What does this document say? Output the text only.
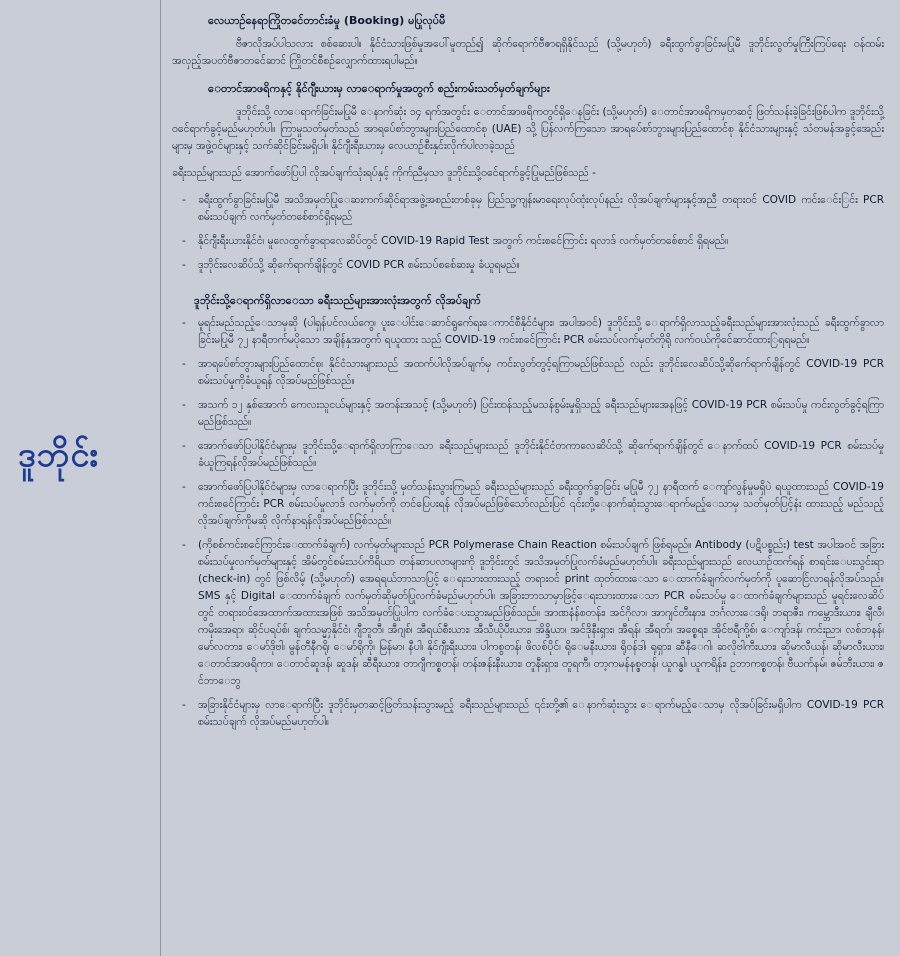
ဒူဘိုင်း
လေယာဉ်နေရာကြိုတင်ေတာင်းခံမှု (Booking) မပြုလုပ်မီ

ဗီဇာလိုအပ်ပါသလား စစ်ဆေးပါ။ နိုင်ငံသားဖြစ်မှုအပေါ်မူတည်၍ ဆိုက်ရောက်ဗီဇာရရှိနိုင်သည် (သို့မဟုတ်) ခရီးထွက်ခွာခြင်းမပြုမီ ဒူဘိုင်းလွတ်မှုကြီးကြပ်ရေး ဝန်ထမ်း အလှည့်အပတ်ဗီဇာတင်ေဆာင် ကြိုတင်စီစဉ်လျှောက်ထားရပါမည်။

ေတာင်အာဖရိကနှင့် နိုင်ဂျီးယားမှ လာေရာက်မှုအတွက် စည်းကမ်းသတ်မှတ်ချက်များ

ဒူဘိုင်းသို့ လာေရာက်ခြင်းမပြုမီ ေနာက်ဆုံး ၁၄ ရက်အတွင်း ေတာင်အာဖရိကတွင်ရှိေနခြင်း (သို့မဟုတ်) ေတာင်အာဖရိကမှတဆင့် ဖြတ်သန်းခဲ့ခြင်းဖြစ်ပါက ဒူဘိုင်းသို့ ဝင်ေရာက်ခွင့်မည်မဟုတ်ပါ။ ကြာမှုသတ်မှတ်သည် အာရပ်ေစာ်ဘွားများပြည်ထောင်စု (UAE) သို့ ပြန်လက်ကြသော အာရပ်ေစာ်ဘွားများပြည်ထောင်စု နိုင်ငံသားများနှင့် သံတမန်အခွင့်အေည်းများမှ အဖွဲ့ဝင်များနှင့် သက်ဆိုင်ခြင်းမရှိပါ။ နိုင်ဂျီးရီးယားမှ လေယာဉ်စီးနှင်းလိုက်ပါလာခဲ့သည်

ခရီးသည်များသည် အောက်ဖော်ပြပါ လိုအပ်ချက်သုံးရပ်နှင့် ကိုက်ညီမှသာ ဒူဘိုင်းသို့ဝင်ေရာက်ခွင့်ပြုမည်ဖြစ်သည် -

- ခရီးထွက်ခွာခြင်းမပြုမီ အသိအမှတ်ပြုေဆးကက်ဆိုင်ရာအဖွဲ့အစည်းတစ်ခုမှ ပြည်သူ့ကျန်းမာရေးလုပ်ထုံးလုပ်နည်း လိုအပ်ချက်များနှင့်အညီ တရားဝင် COVID ကင်းေင်းြင်း PCR စမ်းသပ်ချက် လက်မှတ်တစ်ေစာင်ရှိရမည်
- နိုင်ဂျီးရီးယားနိုင်ငံ၊ မူလေထွက်ခွာရာလေဆိပ်တွင် COVID-19 Rapid Test အတွက် ကင်းစင်ေကြာင်း ရလာဒ် လက်မှတ်တစ်ေစာင် ရှိရမည်။
- ဒူဘိုင်းလေဆိပ်သို့ ဆိုက်ေရာက်ချိန်တွင် COVID PCR စမ်းသပ်စစ်ေဆးမှု ခံယူရမည်။
ဒူဘိုင်းသို့ေရာက်ရှိလာေသာ ခရီးသည်များအားလုံးအတွက် လိုအပ်ချက်
- မူရင်းမည်သည့်ေသာမှဆို (ပါရှန်ပင်လယ်ကွေ၊ ပူးေပါင်းေဆာင်ရွက်ေရးေကာင်စီနိုင်ငံများ၊ အပါအဝင်) ဒူဘိုင်းသို့ ေရာက်ရှိလာသည့်ခရီးသည်များအားလုံးသည် ခရီးထွက်ခွာလာခြင်းမပြုမီ ၇၂ နာရီတက်မပိုသော အချိန်နှအတွက် ရယူထား သည် COVID-19 ကင်းစင်ေကြာင်း PCR စမ်းသပ်လက်မှတ်တိုရို လက်ဝယ်ကိုင်ေဆာင်ထားြရရမည်။
- အာရပ်ေစာ်ဘွားများပြည်ထောင်စု၊ နိုင်ငံသားများသည် အထက်ပါလိုအပ်ချက်မှ ကင်းလွတ်တွင့်ရကြာမည်ဖြစ်သည် လည်း ဒူဘိုင်းလေဆိပ်သို့ဆိုက်ေရာက်ချိန်တွင် COVID-19 PCR စမ်းသပ်မှုကိုခံယူရန် လိုအပ်မည်ဖြစ်သည်။
- အသက် ၁၂ နှစ်အောက် ကေလးသူငယ်များနှင့် အတန်းအသင့် (သို့မဟုတ်) ပြင်းထန်သည့်မသန်စွမ်းမှုရှိသည့် ခရီးသည်များအေနဖြင့် COVID-19 PCR စမ်းသပ်မှု ကင်းလွတ်ခွင့်ရကြာမည်ဖြစ်သည်။
- အောက်ဖော်ပြပါနိုင်ငံများမှ ဒူဘိုင်းသို့ေရာက်ရှိလာကြာေသာ ခရီးသည်များသည် ဒူဘိုင်းနိုင်ငံတကာလေဆိပ်သို့ ဆိုက်ေရာက်ချိန်တွင် ေနာက်ထပ် COVID-19 PCR စမ်းသပ်မှု ခံယူကြရန်လိုအပ်မည်ဖြစ်သည်။
- အောက်ဖော်ပြပါနိုင်ငံများမှ လာေရာက်ပြီး ဒူဘိုင်းသို့ မှတ်သန်းသွားကြမည် ခရီးသည်များသည် ခရီးထွက်ခွာခြင်း မပြုမီ ၇၂ နာရီထက် ေကျာ်လွန်မှုမရှိပဲ ရယူထားသည် COVID-19 ကင်းစင်ေကြာင်း PCR စမ်းသပ်မှုလာဒ် လက်မှတ်ကို တင်ပြေပးရန် လိုအပ်မည်ဖြစ်သော်လည်းပြင် ၎င်းတို့ေနာက်ဆုံးသွားေရာက်မည့်ေသာမှ သတ်မှတ်ပြင့်နံး ထားသည့် မည်သည့်လိုအပ်ချက်ကိုမဆို လိုက်နာရန်လိုအပ်မည်ဖြစ်သည်။
- (ကိုစစ်ကင်းစင်ေကြာင်းေထာက်ခံချက်) လက်မှတ်များသည် PCR Polymerase Chain Reaction စမ်းသပ်ချက် ဖြစ်ရမည်။ Antibody (ပဋိပစ္စည်း) test အပါအဝင် အခြားစမ်းသပ်မှုလက်မှတ်များနှင့် အိမ်တွင်စမ်းသပ်ကိရိယာ တန်ဆာပလာများကို ဒူဘိုင်းတွင် အသိအမှတ်ပြုလက်ခံမည်မဟုတ်ပါ။ ခရီးသည်များသည် လေယာဉ်ထက်ရန် စာရင်းေပးသွင်းရာ (check-in) တွင် ဖြစ်လိမ့် (သို့မဟုတ်) အေရရယ်ဘာသာပြင့် ေရးသားထားသည့် တရားဝင် print ထုတ်ထားေသာ ေထာက်ခံချက်လက်မှတ်ကို ပူဆောင်ြလာရန်လိုအပ်သည်။ SMS နှင့် Digital ေထာက်ခံချက် လက်မှတ်ဆိုမှတ်ပြုလက်ခံမည်မဟုတ်ပါ။ အခြားဘာသာမှာဖြင့်ေရးသားထားေသာ PCR စမ်းသပ်မှု ေထာက်ခံချက်များသည် မူရင်းလေဆိပ်တွင် တရားဝင်အေထာက်အထားအဖြစ် အသိအမှတ်ပြုပါက လက်ခံေပးသွားမည်ဖြစ်သည်။ အာဏနံန်စတန်း၊ အင်ဂိုလာ၊ အာဂျင်တီးနား၊ ဘင်္ဂလားေဒရို၊ ဘရာဇီး၊ ကမ္ဘောဒီးယား၊ ချီလီ၊ ကမိုးအေရာ၊ ဆိုင်ပရပ်စ်၊ ချက်သမ္မှာနိုင်ငံ၊ ဂျီဘူတီ၊ အီဂျစ်၊ အီရယ်စီးယား၊ အီသီယိုပီးယား၊ အိန္ဒိယာ၊ အင်ဒိုနီးရှား၊ အီရန်၊ အီရတ်၊ အစ္စေရး၊ အိုင်ဗရီကို့စ်၊ ေကျာ်ဒန်၊ ကင်းညာ၊ လစ်ဘနန်၊ မော်လတား၊ ေမာ်ဒိုဗါ၊ မွန်တီနီဂရို၊ ေမာ်ရိုကို၊ မြန်မာ၊ နီပါ၊ နိုင်ဂျီးရီးယား၊ ပါကစွတန်၊ ဖိလစ်ပိုင်၊ ရိုေမနီးယား၊ ရိုဝန်ဒါ၊ ရုရှား၊ ဆီနီေဂါ၊ ဆလိုဗါကီးယား၊ ဆိုမာလီယန်၊ ဆိုမာလီးယား၊ ေတာင်အာဖရိကာ၊ ေတာင်ဆူဒန်၊ ဆူဒန်၊ ဆီရီးယား၊ တာဂျီကစ္စတန်၊ တန်းဇန်းနီးယား၊ တူနီးရှား၊ တူရကီ၊ တာ့ကမန်နစ္စတန်၊ ယူဂန္ဓါ၊ ယူကရိန်း၊ ဥဘာကစ္စတန်၊ ဗီယက်နမ်၊ ဇမ်ဘီးယား၊ ဇင်ဘာေဘွ
- အခြားနိုင်ငံများမှ လာေရာက်ပြီး ဒူဘိုင်းမှတဆင့်ဖြတ်သန်းသွားမည့် ခရီးသည်များသည် ၎င်းတို့၏ ေနာက်ဆုံးသွား ေရာက်မည့်ေသာမှ လိုအပ်ခြင်းမရှိပါက COVID-19 PCR စမ်းသပ်ချက် လိုအပ်မည်မဟုတ်ပါ။
